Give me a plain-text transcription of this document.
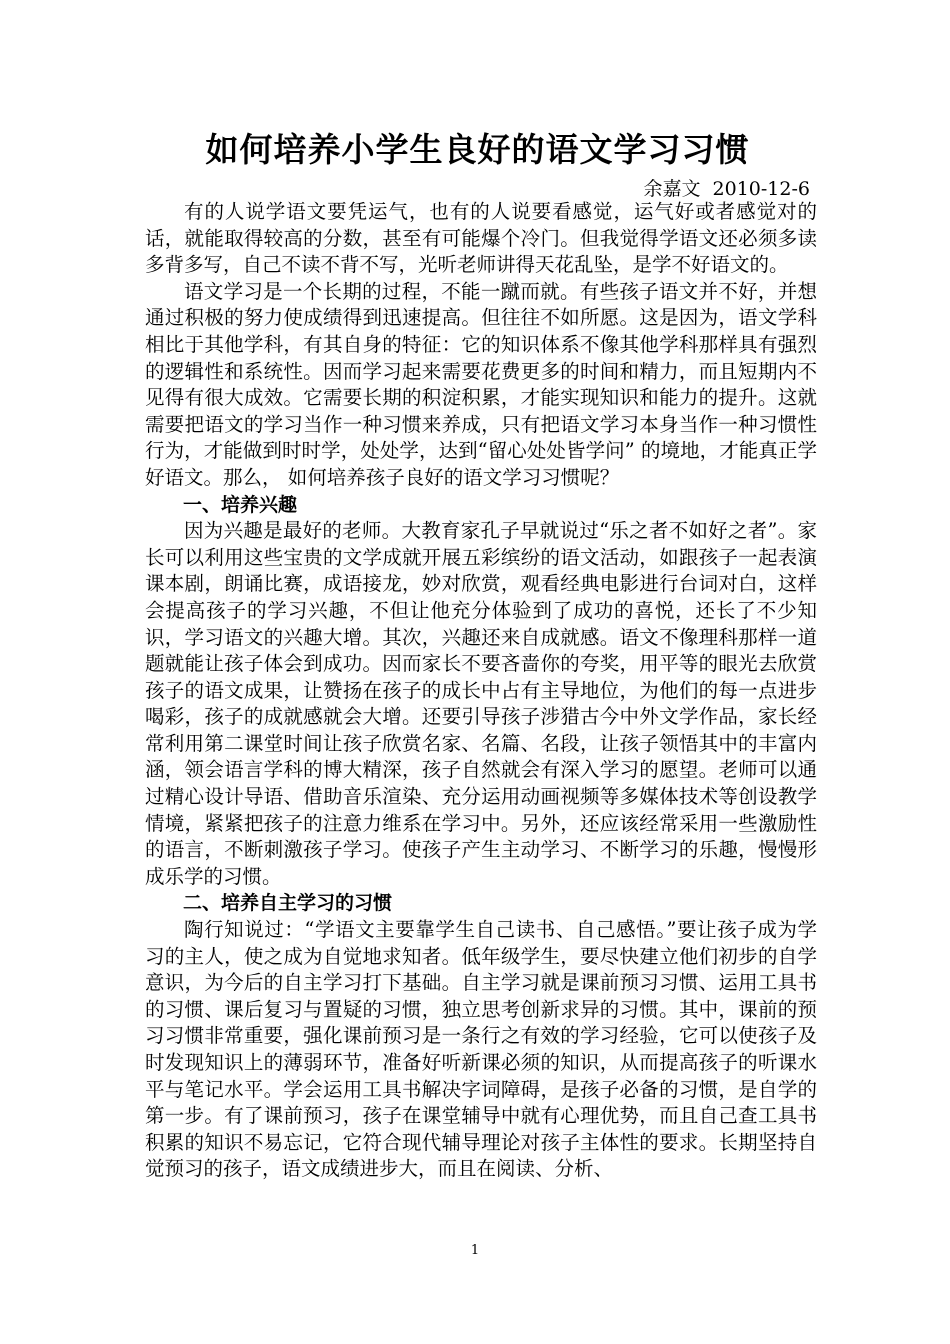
如何培养小学生良好的语文学习习惯
余嘉文  2010-12-6

有的人说学语文要凭运气，也有的人说要看感觉，运气好或者感觉对的话，就能取得较高的分数，甚至有可能爆个冷门。但我觉得学语文还必须多读多背多写，自己不读不背不写，光听老师讲得天花乱坠，是学不好语文的。

语文学习是一个长期的过程，不能一蹴而就。有些孩子语文并不好，并想通过积极的努力使成绩得到迅速提高。但往往不如所愿。这是因为，语文学科相比于其他学科，有其自身的特征：它的知识体系不像其他学科那样具有强烈的逻辑性和系统性。因而学习起来需要花费更多的时间和精力，而且短期内不见得有很大成效。它需要长期的积淀积累，才能实现知识和能力的提升。这就需要把语文的学习当作一种习惯来养成，只有把语文学习本身当作一种习惯性行为，才能做到时时学，处处学，达到“留心处处皆学问” 的境地，才能真正学好语文。那么， 如何培养孩子良好的语文学习习惯呢？

一、培养兴趣

因为兴趣是最好的老师。大教育家孔子早就说过“乐之者不如好之者”。家长可以利用这些宝贵的文学成就开展五彩缤纷的语文活动，如跟孩子一起表演课本剧，朗诵比赛，成语接龙，妙对欣赏，观看经典电影进行台词对白，这样会提高孩子的学习兴趣，不但让他充分体验到了成功的喜悦，还长了不少知识，学习语文的兴趣大增。其次，兴趣还来自成就感。语文不像理科那样一道题就能让孩子体会到成功。因而家长不要吝啬你的夸奖，用平等的眼光去欣赏孩子的语文成果，让赞扬在孩子的成长中占有主导地位，为他们的每一点进步喝彩，孩子的成就感就会大增。还要引导孩子涉猎古今中外文学作品，家长经常利用第二课堂时间让孩子欣赏名家、名篇、名段，让孩子领悟其中的丰富内涵，领会语言学科的博大精深，孩子自然就会有深入学习的愿望。老师可以通过精心设计导语、借助音乐渲染、充分运用动画视频等多媒体技术等创设教学情境，紧紧把孩子的注意力维系在学习中。另外，还应该经常采用一些激励性的语言，不断刺激孩子学习。使孩子产生主动学习、不断学习的乐趣，慢慢形成乐学的习惯。

二、培养自主学习的习惯

陶行知说过：“学语文主要靠学生自己读书、自己感悟。”要让孩子成为学习的主人，使之成为自觉地求知者。低年级学生，要尽快建立他们初步的自学意识，为今后的自主学习打下基础。自主学习就是课前预习习惯、运用工具书的习惯、课后复习与置疑的习惯，独立思考创新求异的习惯。其中，课前的预习习惯非常重要，强化课前预习是一条行之有效的学习经验，它可以使孩子及时发现知识上的薄弱环节，准备好听新课必须的知识，从而提高孩子的听课水平与笔记水平。学会运用工具书解决字词障碍，是孩子必备的习惯，是自学的第一步。有了课前预习，孩子在课堂辅导中就有心理优势，而且自己查工具书积累的知识不易忘记，它符合现代辅导理论对孩子主体性的要求。长期坚持自觉预习的孩子，语文成绩进步大，而且在阅读、分析、

1
